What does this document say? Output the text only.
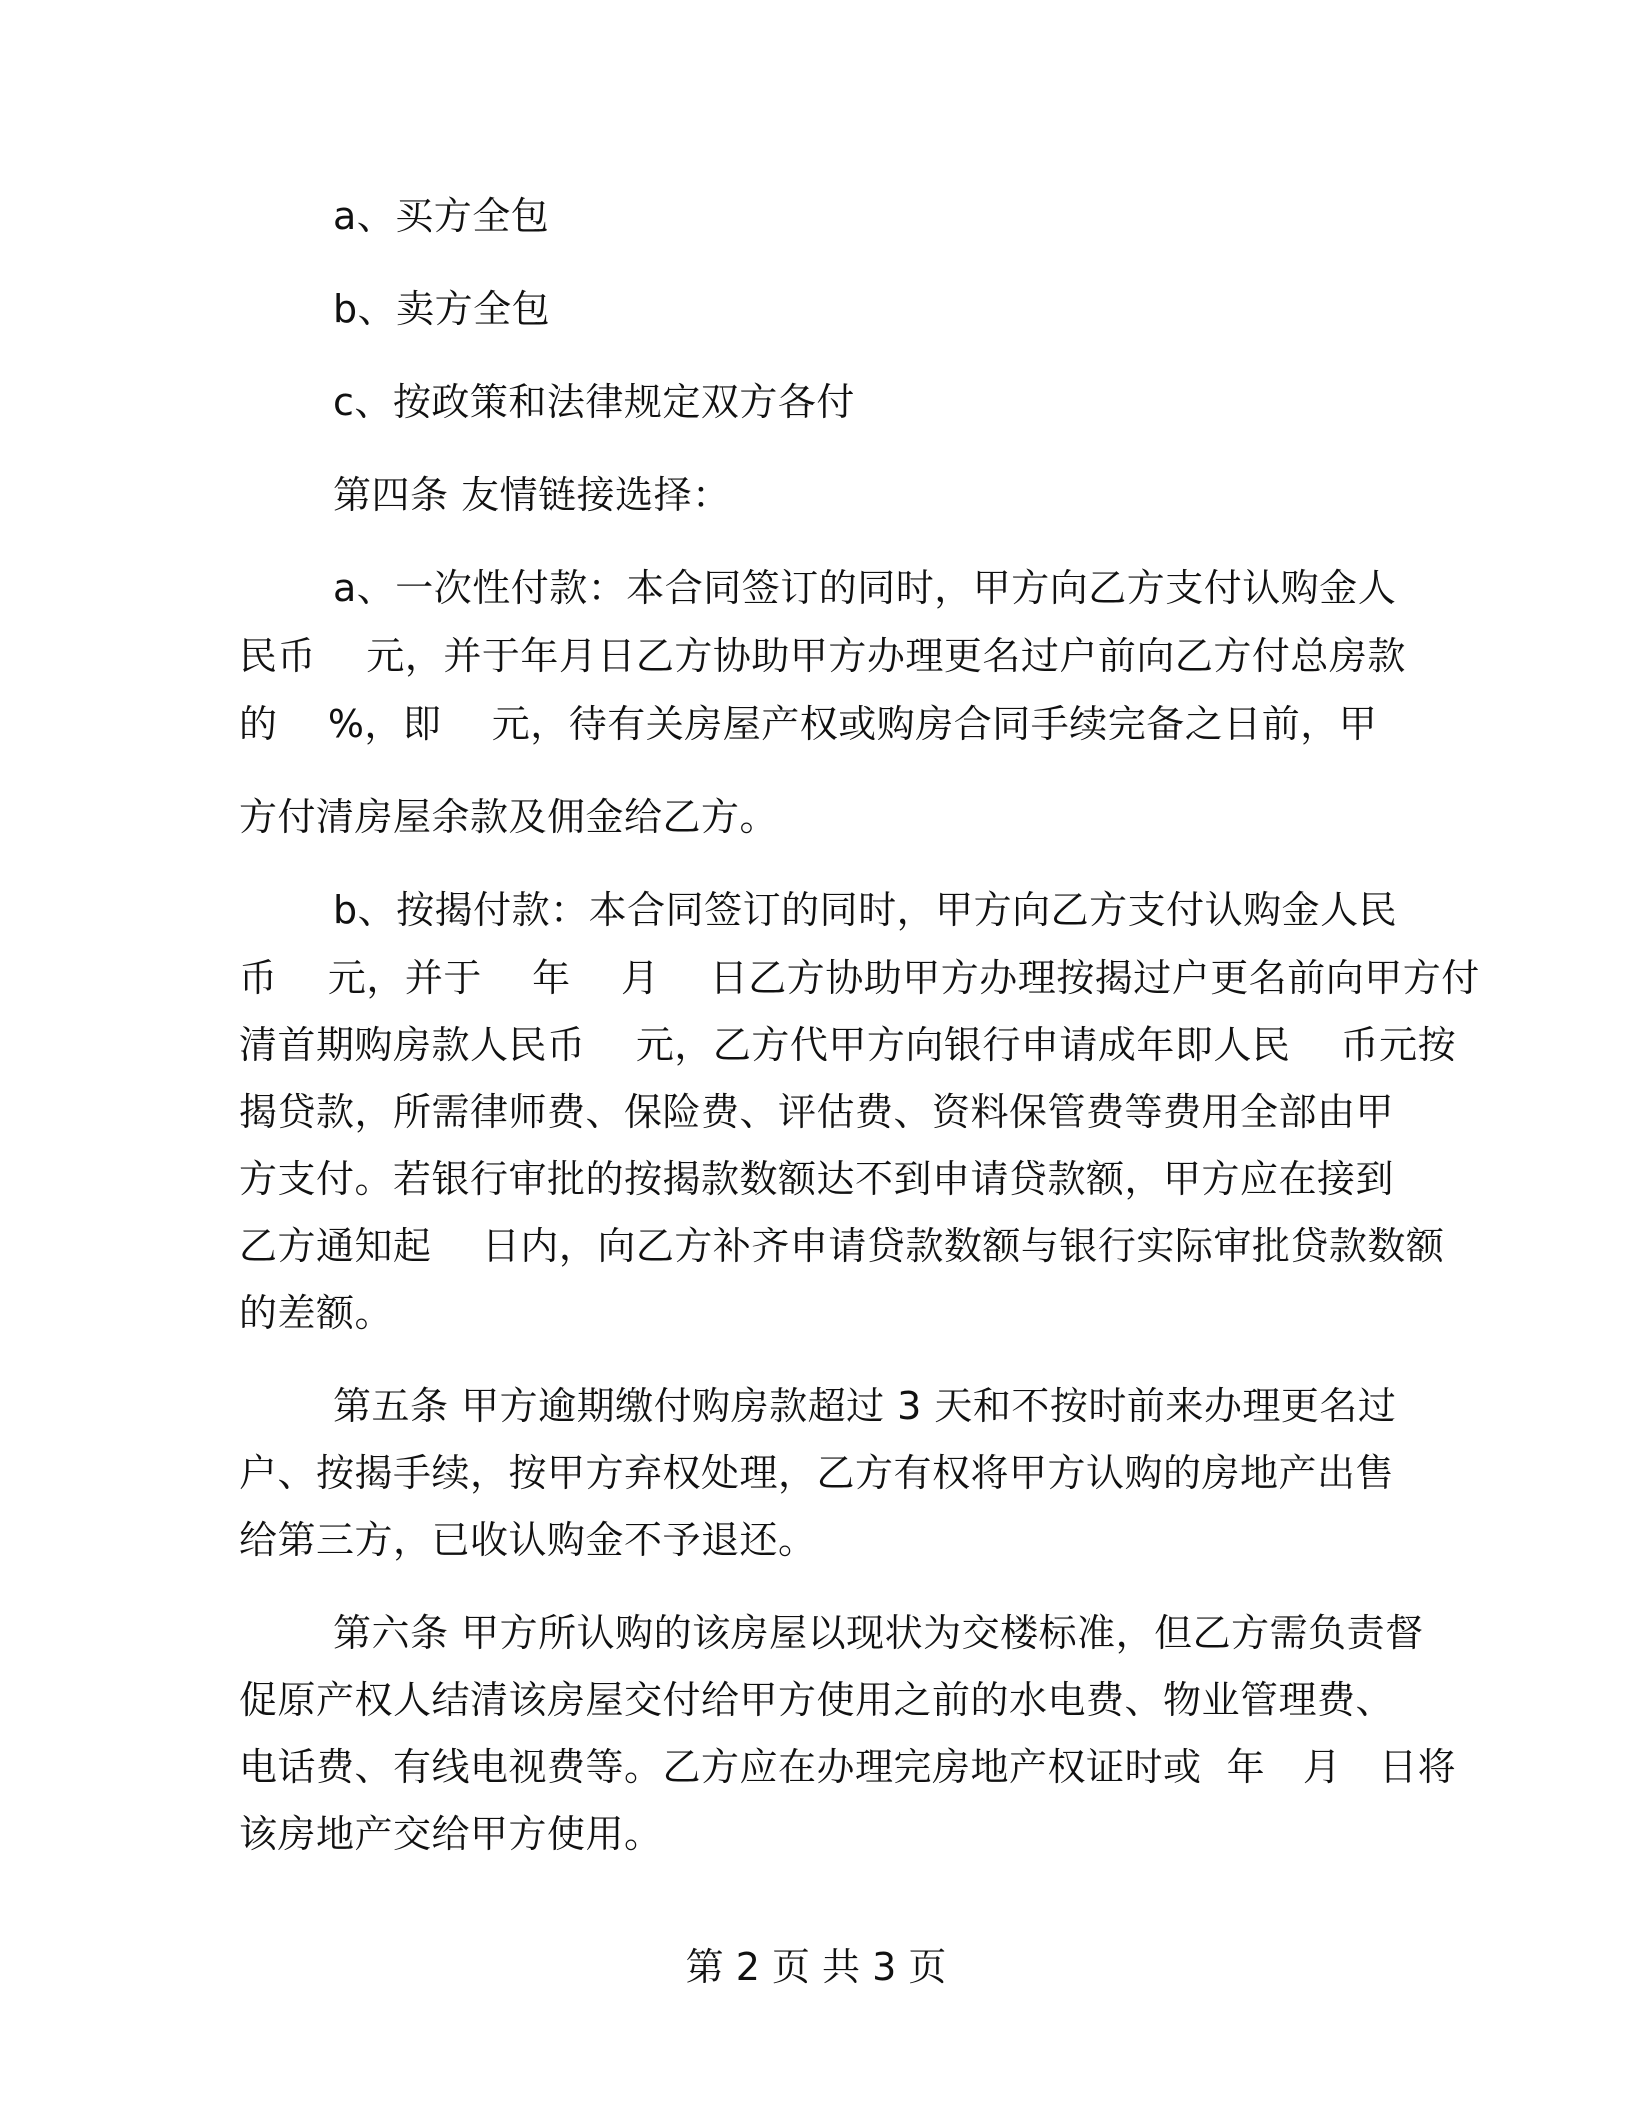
a、买方全包
b、卖方全包
c、按政策和法律规定双方各付
第四条 友情链接选择：
a、一次性付款：本合同签订的同时，甲方向乙方支付认购金人
民币    元，并于年月日乙方协助甲方办理更名过户前向乙方付总房款
的    %，即    元，待有关房屋产权或购房合同手续完备之日前，甲
方付清房屋余款及佣金给乙方。
b、按揭付款：本合同签订的同时，甲方向乙方支付认购金人民
币    元，并于    年    月    日乙方协助甲方办理按揭过户更名前向甲方付
清首期购房款人民币    元，乙方代甲方向银行申请成年即人民    币元按
揭贷款，所需律师费、保险费、评估费、资料保管费等费用全部由甲
方支付。若银行审批的按揭款数额达不到申请贷款额，甲方应在接到
乙方通知起    日内，向乙方补齐申请贷款数额与银行实际审批贷款数额
的差额。
第五条 甲方逾期缴付购房款超过 3 天和不按时前来办理更名过
户、按揭手续，按甲方弃权处理，乙方有权将甲方认购的房地产出售
给第三方，已收认购金不予退还。
第六条 甲方所认购的该房屋以现状为交楼标准，但乙方需负责督
促原产权人结清该房屋交付给甲方使用之前的水电费、物业管理费、
电话费、有线电视费等。乙方应在办理完房地产权证时或  年   月   日将
该房地产交给甲方使用。
第 2 页 共 3 页
